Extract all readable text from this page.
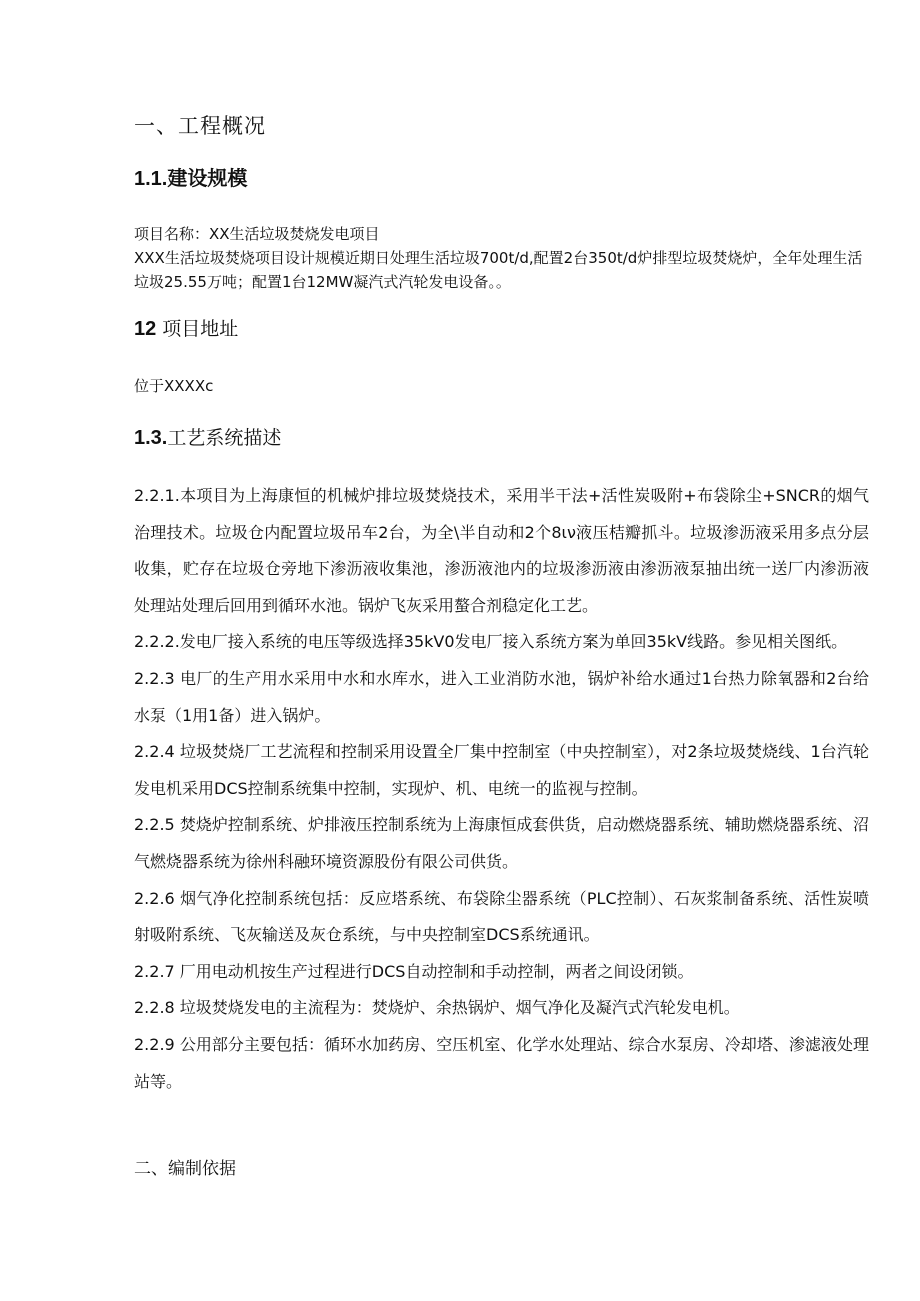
一、工程概况
1.1.建设规模
项目名称：XX生活垃圾焚烧发电项目
XXX生活垃圾焚烧项目设计规模近期日处理生活垃圾700t/d,配置2台350t/d炉排型垃圾焚烧炉，全年处理生活垃圾25.55万吨；配置1台12MW凝汽式汽轮发电设备。。
12 项目地址
位于XXXXc
1.3.工艺系统描述

2.2.1.本项目为上海康恒的机械炉排垃圾焚烧技术，采用半干法+活性炭吸附+布袋除尘+SNCR的烟气治理技术。垃圾仓内配置垃圾吊车2台，为全\半自动和2个8ιν液压桔瓣抓斗。垃圾渗沥液采用多点分层收集，贮存在垃圾仓旁地下渗沥液收集池，渗沥液池内的垃圾渗沥液由渗沥液泵抽出统一送厂内渗沥液处理站处理后回用到循环水池。锅炉飞灰采用螯合剂稳定化工艺。

2.2.2.发电厂接入系统的电压等级选择35kV0发电厂接入系统方案为单回35kV线路。参见相关图纸。

2.2.3 电厂的生产用水采用中水和水库水，进入工业消防水池，锅炉补给水通过1台热力除氧器和2台给水泵（1用1备）进入锅炉。

2.2.4 垃圾焚烧厂工艺流程和控制采用设置全厂集中控制室（中央控制室），对2条垃圾焚烧线、1台汽轮发电机采用DCS控制系统集中控制，实现炉、机、电统一的监视与控制。

2.2.5 焚烧炉控制系统、炉排液压控制系统为上海康恒成套供货，启动燃烧器系统、辅助燃烧器系统、沼气燃烧器系统为徐州科融环境资源股份有限公司供货。

2.2.6 烟气净化控制系统包括：反应塔系统、布袋除尘器系统（PLC控制）、石灰浆制备系统、活性炭喷射吸附系统、飞灰输送及灰仓系统，与中央控制室DCS系统通讯。

2.2.7 厂用电动机按生产过程进行DCS自动控制和手动控制，两者之间设闭锁。

2.2.8 垃圾焚烧发电的主流程为：焚烧炉、余热锅炉、烟气净化及凝汽式汽轮发电机。

2.2.9 公用部分主要包括：循环水加药房、空压机室、化学水处理站、综合水泵房、冷却塔、渗滤液处理站等。

二、编制依据
